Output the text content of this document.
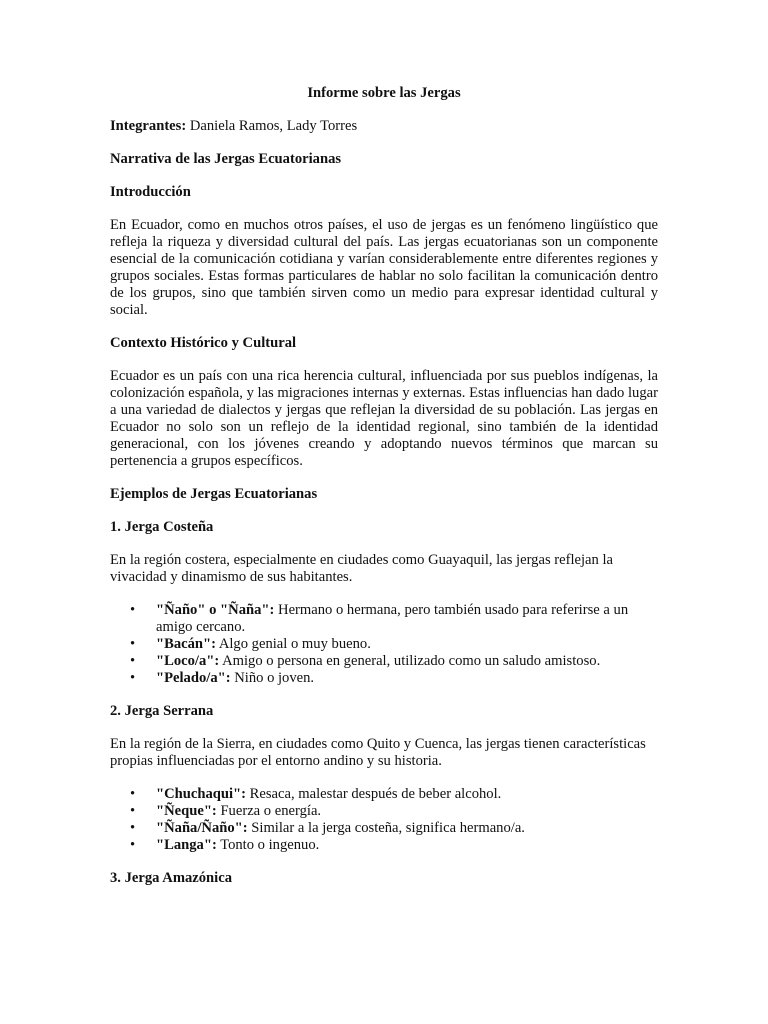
Informe sobre las Jergas

Integrantes: Daniela Ramos, Lady Torres

Narrativa de las Jergas Ecuatorianas

Introducción

En Ecuador, como en muchos otros países, el uso de jergas es un fenómeno lingüístico que refleja la riqueza y diversidad cultural del país. Las jergas ecuatorianas son un componente esencial de la comunicación cotidiana y varían considerablemente entre diferentes regiones y grupos sociales. Estas formas particulares de hablar no solo facilitan la comunicación dentro de los grupos, sino que también sirven como un medio para expresar identidad cultural y social.

Contexto Histórico y Cultural

Ecuador es un país con una rica herencia cultural, influenciada por sus pueblos indígenas, la colonización española, y las migraciones internas y externas. Estas influencias han dado lugar a una variedad de dialectos y jergas que reflejan la diversidad de su población. Las jergas en Ecuador no solo son un reflejo de la identidad regional, sino también de la identidad generacional, con los jóvenes creando y adoptando nuevos términos que marcan su pertenencia a grupos específicos.

Ejemplos de Jergas Ecuatorianas

1. Jerga Costeña

En la región costera, especialmente en ciudades como Guayaquil, las jergas reflejan la vivacidad y dinamismo de sus habitantes.

• "Ñaño" o "Ñaña": Hermano o hermana, pero también usado para referirse a un amigo cercano.
• "Bacán": Algo genial o muy bueno.
• "Loco/a": Amigo o persona en general, utilizado como un saludo amistoso.
• "Pelado/a": Niño o joven.

2. Jerga Serrana

En la región de la Sierra, en ciudades como Quito y Cuenca, las jergas tienen características propias influenciadas por el entorno andino y su historia.

• "Chuchaqui": Resaca, malestar después de beber alcohol.
• "Ñeque": Fuerza o energía.
• "Ñaña/Ñaño": Similar a la jerga costeña, significa hermano/a.
• "Langa": Tonto o ingenuo.

3. Jerga Amazónica
